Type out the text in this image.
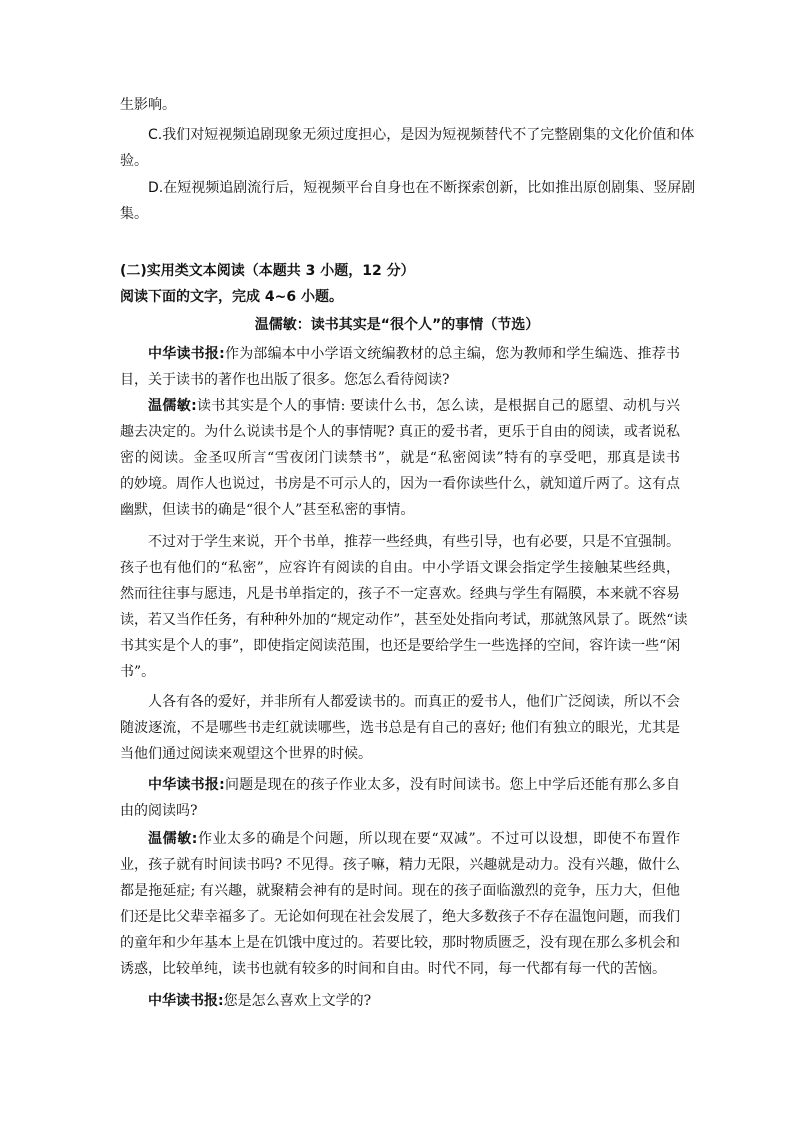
生影响。
C.我们对短视频追剧现象无须过度担心，是因为短视频替代不了完整剧集的文化价值和体
验。
D.在短视频追剧流行后，短视频平台自身也在不断探索创新，比如推出原创剧集、竖屏剧
集。
(二)实用类文本阅读（本题共 3 小题，12 分）
阅读下面的文字，完成 4~6 小题。
温儒敏：读书其实是“很个人”的事情（节选）
中华读书报:作为部编本中小学语文统编教材的总主编，您为教师和学生编选、推荐书
目，关于读书的著作也出版了很多。您怎么看待阅读?
温儒敏:读书其实是个人的事情: 要读什么书，怎么读，是根据自己的愿望、动机与兴
趣去决定的。为什么说读书是个人的事情呢? 真正的爱书者，更乐于自由的阅读，或者说私
密的阅读。金圣叹所言“雪夜闭门读禁书”，就是“私密阅读”特有的享受吧，那真是读书
的妙境。周作人也说过，书房是不可示人的，因为一看你读些什么，就知道斤两了。这有点
幽默，但读书的确是“很个人”甚至私密的事情。
不过对于学生来说，开个书单，推荐一些经典，有些引导，也有必要，只是不宜强制。
孩子也有他们的“私密”，应容许有阅读的自由。中小学语文课会指定学生接触某些经典，
然而往往事与愿违，凡是书单指定的，孩子不一定喜欢。经典与学生有隔膜，本来就不容易
读，若又当作任务，有种种外加的“规定动作”，甚至处处指向考试，那就煞风景了。既然“读
书其实是个人的事”，即使指定阅读范围，也还是要给学生一些选择的空间，容许读一些“闲
书”。
人各有各的爱好，并非所有人都爱读书的。而真正的爱书人，他们广泛阅读，所以不会
随波逐流，不是哪些书走红就读哪些，选书总是有自己的喜好; 他们有独立的眼光，尤其是
当他们通过阅读来观望这个世界的时候。
中华读书报:问题是现在的孩子作业太多，没有时间读书。您上中学后还能有那么多自
由的阅读吗?
温儒敏:作业太多的确是个问题，所以现在要“双减”。不过可以设想，即使不布置作
业，孩子就有时间读书吗? 不见得。孩子嘛，精力无限，兴趣就是动力。没有兴趣，做什么
都是拖延症; 有兴趣，就聚精会神有的是时间。现在的孩子面临激烈的竞争，压力大，但他
们还是比父辈幸福多了。无论如何现在社会发展了，绝大多数孩子不存在温饱问题，而我们
的童年和少年基本上是在饥饿中度过的。若要比较，那时物质匮乏，没有现在那么多机会和
诱惑，比较单纯，读书也就有较多的时间和自由。时代不同，每一代都有每一代的苦恼。
中华读书报:您是怎么喜欢上文学的?
